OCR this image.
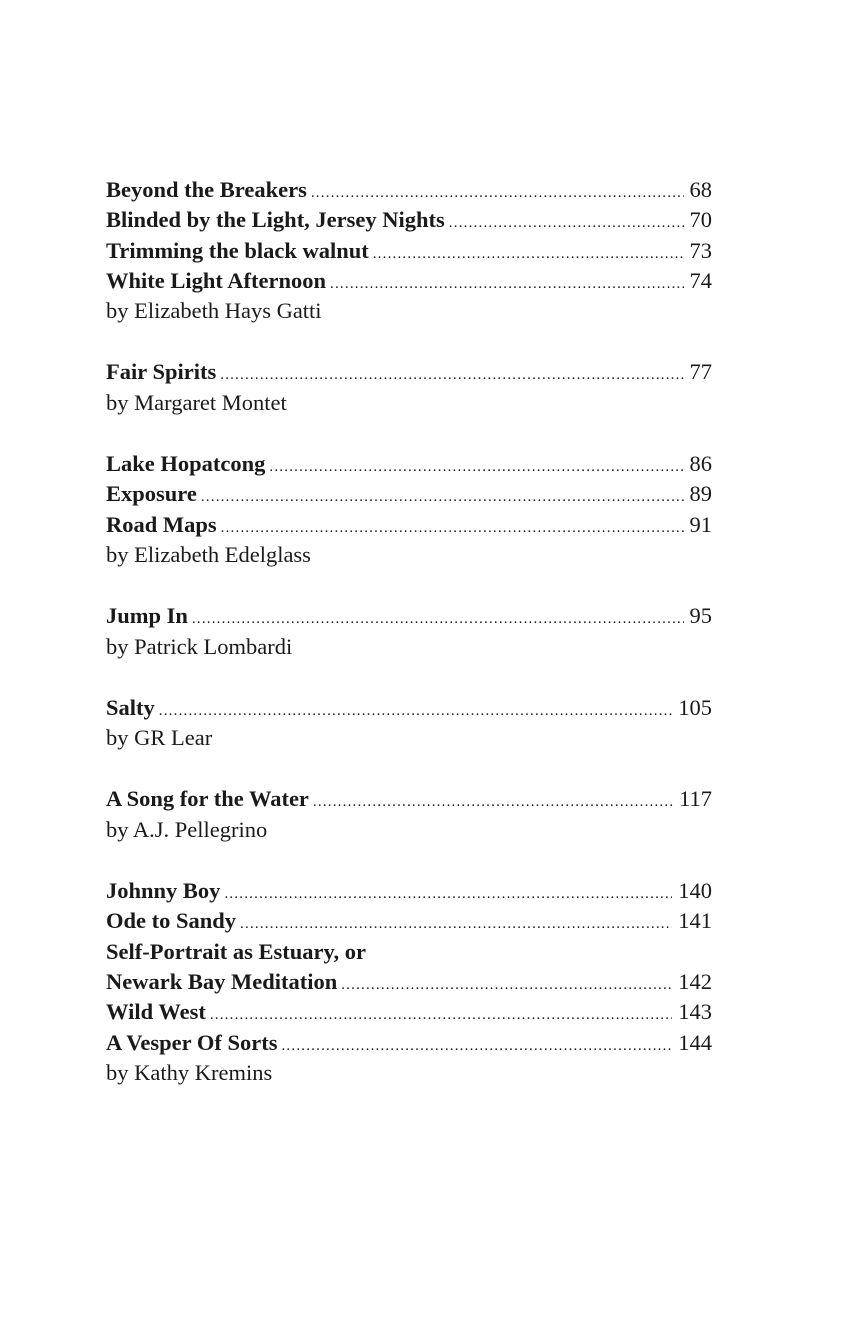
Beyond the Breakers .....	68
Blinded by the Light, Jersey Nights .....	70
Trimming the black walnut .....	73
White Light Afternoon .....	74
by Elizabeth Hays Gatti
Fair Spirits .....	77
by Margaret Montet
Lake Hopatcong .....	86
Exposure .....	89
Road Maps .....	91
by Elizabeth Edelglass
Jump In .....	95
by Patrick Lombardi
Salty .....	105
by GR Lear
A Song for the Water .....	117
by A.J. Pellegrino
Johnny Boy .....	140
Ode to Sandy .....	141
Self-Portrait as Estuary, or
Newark Bay Meditation .....	142
Wild West .....	143
A Vesper Of Sorts .....	144
by Kathy Kremins
